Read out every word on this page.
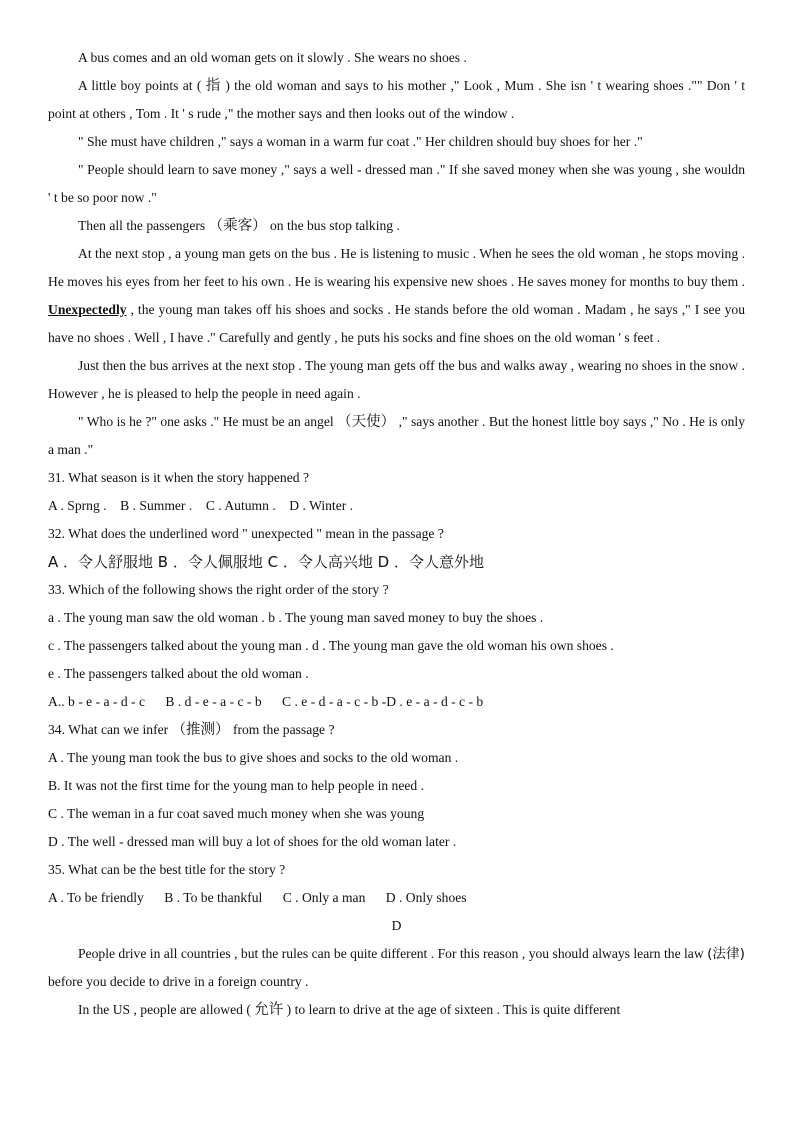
A bus comes and an old woman gets on it slowly . She wears no shoes .

A little boy points at ( 指 ) the old woman and says to his mother ," Look , Mum . She isn ' t wearing shoes ."" Don ' t point at others , Tom . It ' s rude ," the mother says and then looks out of the window .

" She must have children ," says a woman in a warm fur coat ." Her children should buy shoes for her ."

" People should learn to save money ," says a well - dressed man ." If she saved money when she was young , she wouldn ' t be so poor now ."

Then all the passengers （乘客） on the bus stop talking .

At the next stop , a young man gets on the bus . He is listening to music . When he sees the old woman , he stops moving . He moves his eyes from her feet to his own . He is wearing his expensive new shoes . He saves money for months to buy them . Unexpectedly , the young man takes off his shoes and socks . He stands before the old woman . Madam , he says ," I see you have no shoes . Well , I have ." Carefully and gently , he puts his socks and fine shoes on the old woman ' s feet .

Just then the bus arrives at the next stop . The young man gets off the bus and walks away , wearing no shoes in the snow . However , he is pleased to help the people in need again .

" Who is he ?" one asks ." He must be an angel （天使） ," says another . But the honest little boy says ," No . He is only a man ."

31. What season is it when the story happened ?

A . Sprng .    B . Summer .    C . Autumn .    D . Winter .

32. What does the underlined word " unexpected " mean in the passage ?

A ．令人舒服地 B ．令人佩服地 C ．令人高兴地 D ．令人意外地

33. Which of the following shows the right order of the story ?

a . The young man saw the old woman . b . The young man saved money to buy the shoes .

c . The passengers talked about the young man . d . The young man gave the old woman his own shoes .

e . The passengers talked about the old woman .

A.. b - e - a - d - c      B . d - e - a - c - b      C . e - d - a - c - b -D . e - a - d - c - b

34. What can we infer （推测） from the passage ?

A . The young man took the bus to give shoes and socks to the old woman .

B. It was not the first time for the young man to help people in need .

C . The weman in a fur coat saved much money when she was young

D . The well - dressed man will buy a lot of shoes for the old woman later .

35. What can be the best title for the story ?

A . To be friendly      B . To be thankful      C . Only a man      D . Only shoes

D

People drive in all countries , but the rules can be quite different . For this reason , you should always learn the law (法律) before you decide to drive in a foreign country .

In the US , people are allowed ( 允许 ) to learn to drive at the age of sixteen . This is quite different
